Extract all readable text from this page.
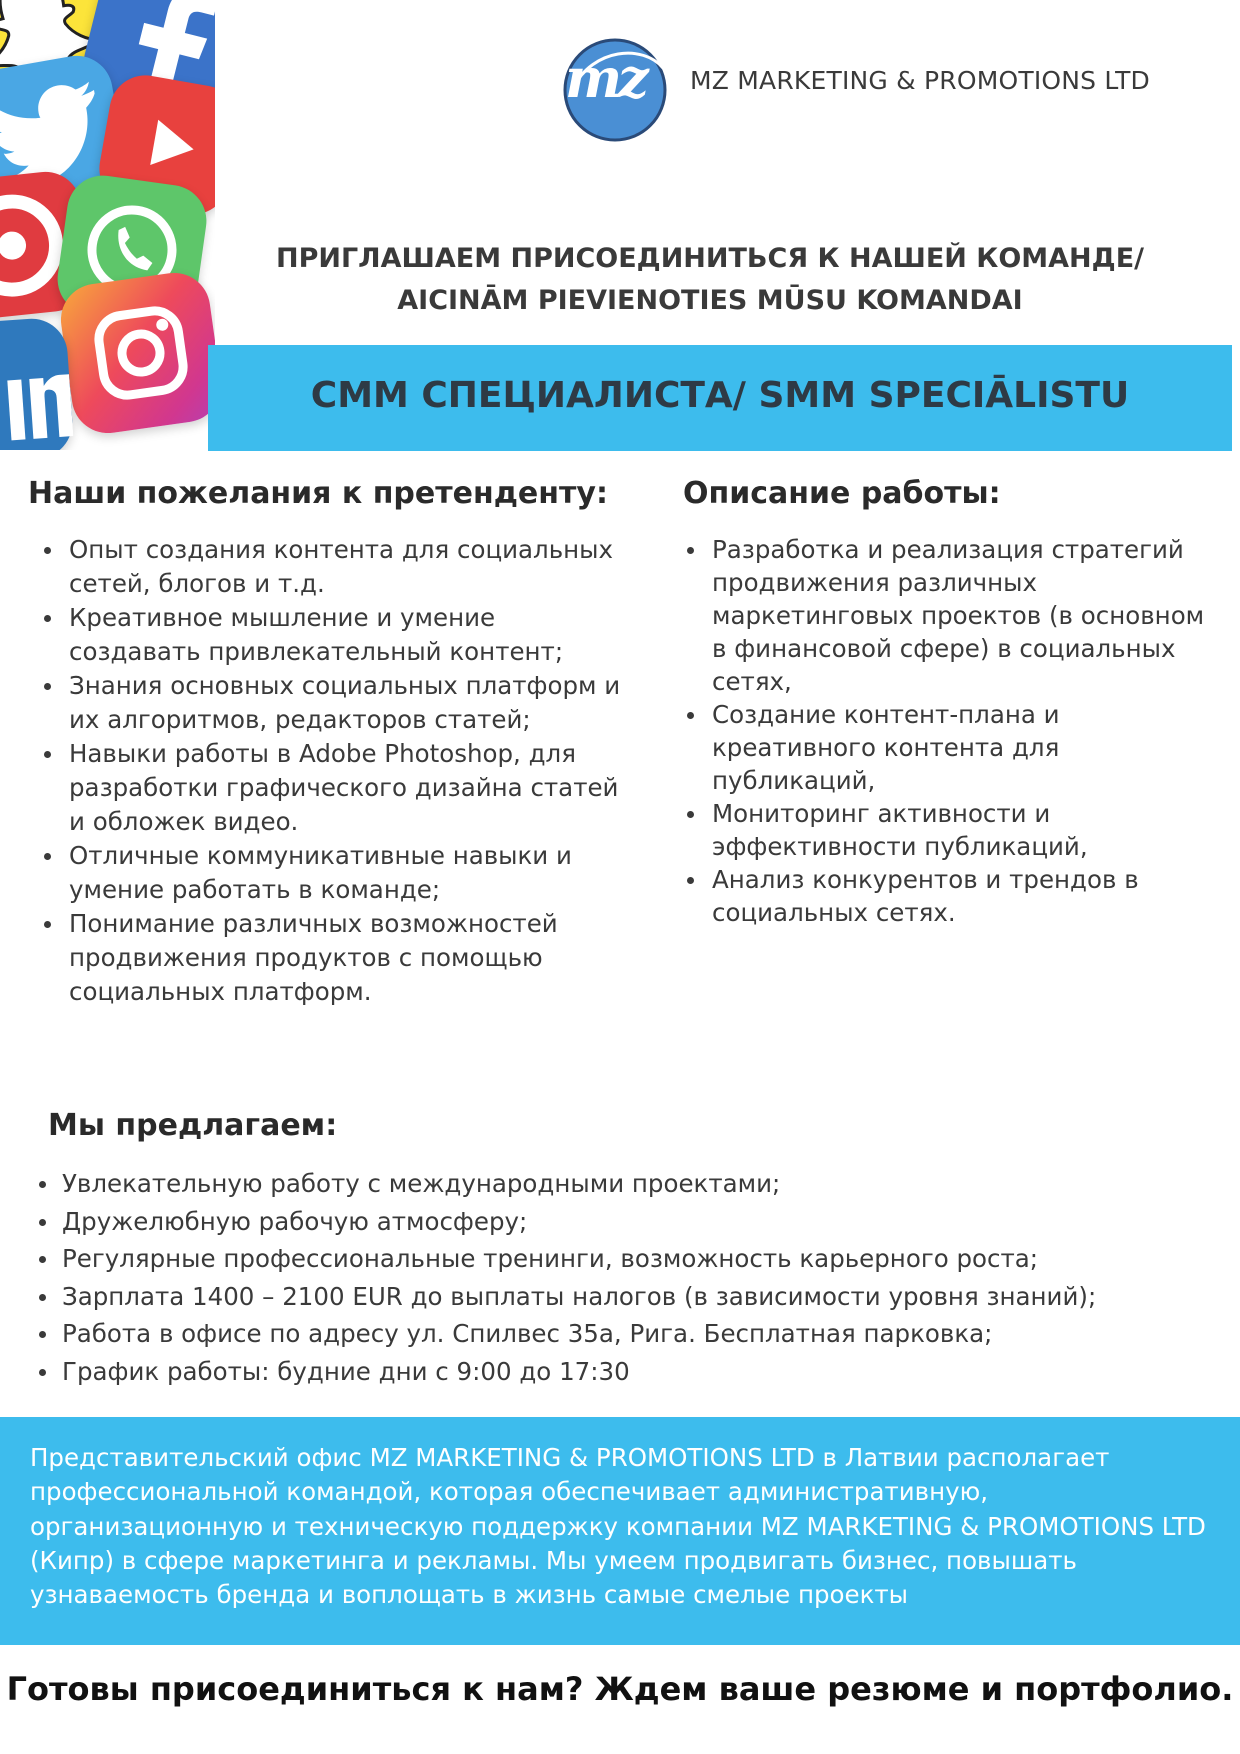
mz MZ MARKETING & PROMOTIONS LTD
ПРИГЛАШАЕМ ПРИСОЕДИНИТЬСЯ К НАШЕЙ КОМАНДЕ/
AICINĀM PIEVIENOTIES MŪSU KOMANDAI
СММ СПЕЦИАЛИСТА/ SMM SPECIĀLISTU
Наши пожелания к претенденту:
Опыт создания контента для социальных сетей, блогов и т.д.
Креативное мышление и умение создавать привлекательный контент;
Знания основных социальных платформ и их алгоритмов, редакторов статей;
Навыки работы в Adobe Photoshop, для разработки графического дизайна статей и обложек видео.
Отличные коммуникативные навыки и умение работать в команде;
Понимание различных возможностей продвижения продуктов с помощью социальных платформ.
Описание работы:
Разработка и реализация стратегий продвижения различных маркетинговых проектов (в основном в финансовой сфере) в социальных сетях,
Создание контент-плана и креативного контента для публикаций,
Мониторинг активности и эффективности публикаций,
Анализ конкурентов и трендов в социальных сетях.
Мы предлагаем:
Увлекательную работу с международными проектами;
Дружелюбную рабочую атмосферу;
Регулярные профессиональные тренинги, возможность карьерного роста;
Зарплата 1400 – 2100 EUR до выплаты налогов (в зависимости уровня знаний);
Работа в офисе по адресу ул. Спилвес 35а, Рига. Бесплатная парковка;
График работы: будние дни с 9:00 до 17:30
Представительский офис MZ MARKETING & PROMOTIONS LTD в Латвии располагает профессиональной командой, которая обеспечивает административную, организационную и техническую поддержку компании MZ MARKETING & PROMOTIONS LTD (Кипр) в сфере маркетинга и рекламы. Мы умеем продвигать бизнес, повышать узнаваемость бренда и воплощать в жизнь самые смелые проекты
Готовы присоединиться к нам? Ждем ваше резюме и портфолио.
